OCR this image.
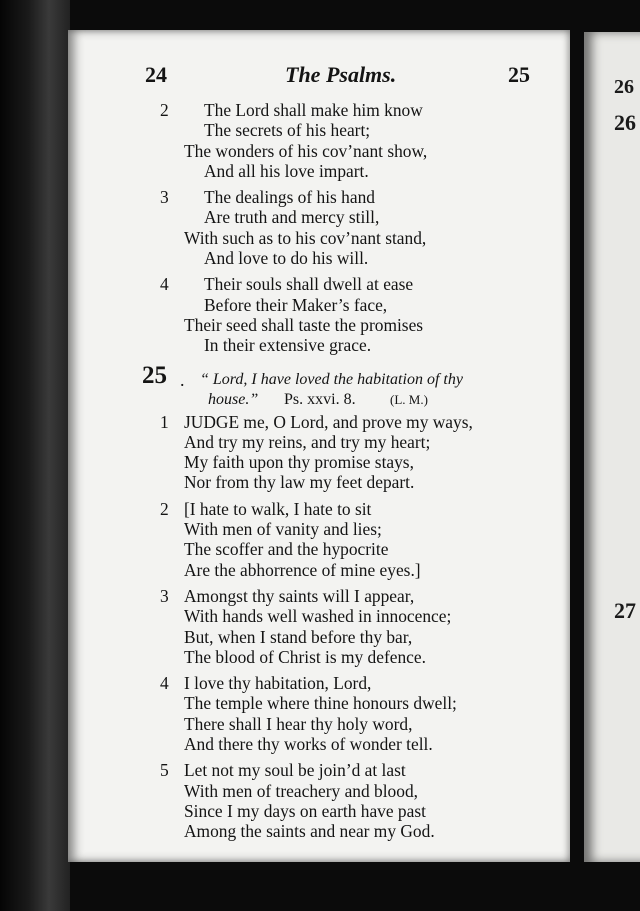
26
26
27
24	The Psalms.	25
2 The Lord shall make him know
The secrets of his heart;
The wonders of his cov’nant show,
And all his love impart.
3 The dealings of his hand
Are truth and mercy still,
With such as to his cov’nant stand,
And love to do his will.
4 Their souls shall dwell at ease
Before their Maker’s face,
Their seed shall taste the promises
In their extensive grace.
25 . “ Lord, I have loved the habitation of thy
house.” Ps. xxvi. 8.	(L. M.)
1 JUDGE me, O Lord, and prove my ways,
And try my reins, and try my heart;
My faith upon thy promise stays,
Nor from thy law my feet depart.
2 [I hate to walk, I hate to sit
With men of vanity and lies;
The scoffer and the hypocrite
Are the abhorrence of mine eyes.]
3 Amongst thy saints will I appear,
With hands well washed in innocence;
But, when I stand before thy bar,
The blood of Christ is my defence.
4 I love thy habitation, Lord,
The temple where thine honours dwell;
There shall I hear thy holy word,
And there thy works of wonder tell.
5 Let not my soul be join’d at last
With men of treachery and blood,
Since I my days on earth have past
Among the saints and near my God.
